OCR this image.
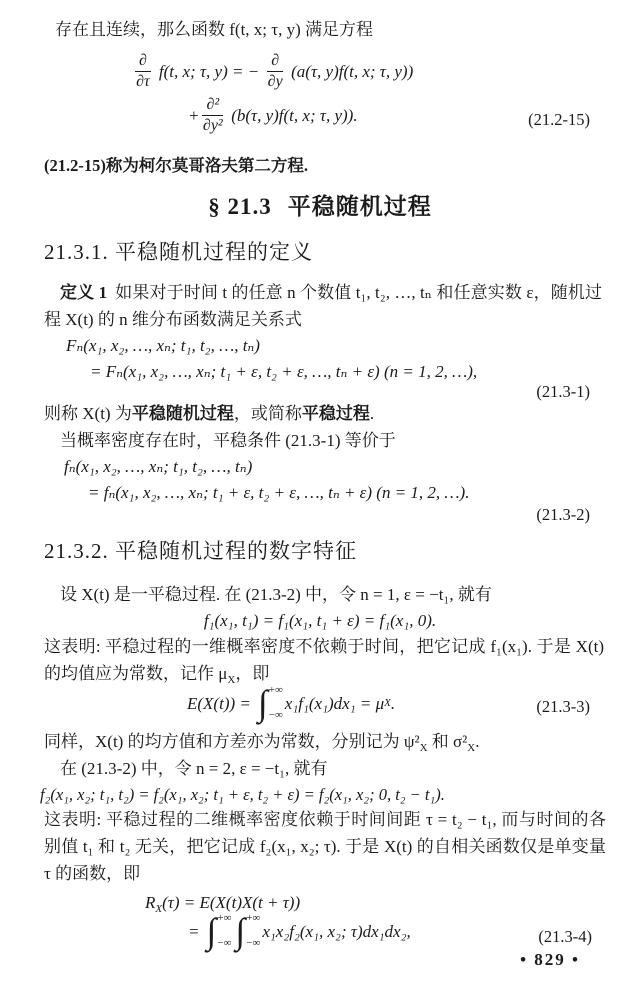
存在且连续，那么函数 f(t, x; τ, y) 满足方程
$\frac{\partial}{\partial\tau} f(t$, x; τ, y) = − $\frac{\partial}{\partial y} (a(\tau$, y)f(t, x; τ, y))
+ $\frac{\text{∂²}}{\text{∂y²}} (b(\tau$, y)f(t, x; τ, y)).	(21.2-15)
(21.2-15)称为柯尔莫哥洛夫第二方程.
§ 21.3 平稳随机过程
21.3.1. 平稳随机过程的定义
定义 1 如果对于时间 t 的任意 n 个数值 t₁, t₂, …, tₙ 和任意实数 ε，随机过程 X(t) 的 n 维分布函数满足关系式
Fₙ(x₁, x₂, …, xₙ; t₁, t₂, …, tₙ)
= Fₙ(x₁, x₂, …, xₙ; t₁ + ε, t₂ + ε, …, tₙ + ε) (n = 1, 2, …),
(21.3-1)
则称 X(t) 为平稳随机过程，或简称平稳过程.
当概率密度存在时，平稳条件 (21.3-1) 等价于
fₙ(x₁, x₂, …, xₙ; t₁, t₂, …, tₙ)
= fₙ(x₁, x₂, …, xₙ; t₁ + ε, t₂ + ε, …, tₙ + ε) (n = 1, 2, …).
(21.3-2)
21.3.2. 平稳随机过程的数字特征
设 X(t) 是一平稳过程. 在 (21.3-2) 中，令 n = 1, ε = −t₁, 就有
f₁(x₁, t₁) = f₁(x₁, t₁ + ε) = f₁(x₁, 0).
这表明: 平稳过程的一维概率密度不依赖于时间，把它记成 f₁(x₁). 于是 X(t) 的均值应为常数，记作 $\mu_X$，即
E(X(t)) = ∫ +∞
−∞
x₁f₁(x₁)dx₁ = μ X .	(21.3-3)
同样，X(t) 的均方值和方差亦为常数，分别记为 $\psi^2_X$ 和 $\sigma^2_X$.
在 (21.3-2) 中，令 n = 2, ε = −t₁, 就有
f₂(x₁, x₂; t₁, t₂) = f₂(x₁, x₂; t₁ + ε, t₂ + ε) = f₂(x₁, x₂; 0, t₂ − t₁).
这表明: 平稳过程的二维概率密度依赖于时间间距 τ = t₂ − t₁, 而与时间的各别值 t₁ 和 t₂ 无关，把它记成 f₂(x₁, x₂; τ). 于是 X(t) 的自相关函数仅是单变量 τ 的函数，即
$R_X(\tau) = E(X(t)X(t + \tau))$
= ∫ +∞
−∞ ∫ +∞
−∞
x₁x₂f₂(x₁, x₂; τ)dx₁dx₂,	(21.3-4)
• 829 •
